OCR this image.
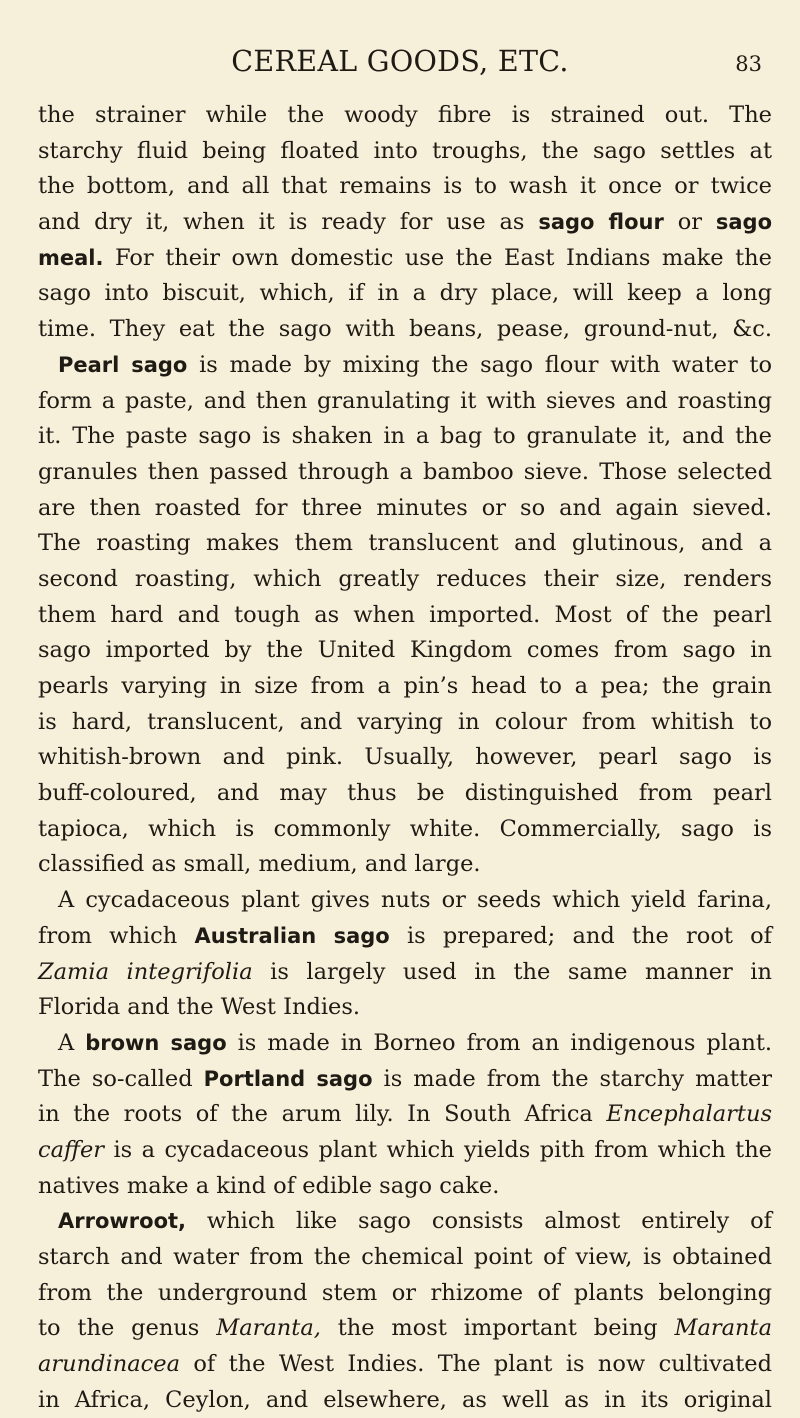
CEREAL GOODS, ETC.	83
the strainer while the woody fibre is strained out. The
starchy fluid being floated into troughs, the sago settles at
the bottom, and all that remains is to wash it once or twice
and dry it, when it is ready for use as sago flour or sago
meal. For their own domestic use the East Indians make the
sago into biscuit, which, if in a dry place, will keep a long
time. They eat the sago with beans, pease, ground-nut, &c.
Pearl sago is made by mixing the sago flour with water to
form a paste, and then granulating it with sieves and roasting
it. The paste sago is shaken in a bag to granulate it, and the
granules then passed through a bamboo sieve. Those selected
are then roasted for three minutes or so and again sieved.
The roasting makes them translucent and glutinous, and a
second roasting, which greatly reduces their size, renders
them hard and tough as when imported. Most of the pearl
sago imported by the United Kingdom comes from sago in
pearls varying in size from a pin’s head to a pea; the grain
is hard, translucent, and varying in colour from whitish to
whitish-brown and pink. Usually, however, pearl sago is
buff-coloured, and may thus be distinguished from pearl
tapioca, which is commonly white. Commercially, sago is
classified as small, medium, and large.
A cycadaceous plant gives nuts or seeds which yield farina,
from which Australian sago is prepared; and the root of
Zamia integrifolia is largely used in the same manner in
Florida and the West Indies.
A brown sago is made in Borneo from an indigenous plant.
The so-called Portland sago is made from the starchy matter
in the roots of the arum lily. In South Africa Encephalartus
caffer is a cycadaceous plant which yields pith from which the
natives make a kind of edible sago cake.
Arrowroot, which like sago consists almost entirely of
starch and water from the chemical point of view, is obtained
from the underground stem or rhizome of plants belonging
to the genus Maranta, the most important being Maranta
arundinacea of the West Indies. The plant is now cultivated
in Africa, Ceylon, and elsewhere, as well as in its original
